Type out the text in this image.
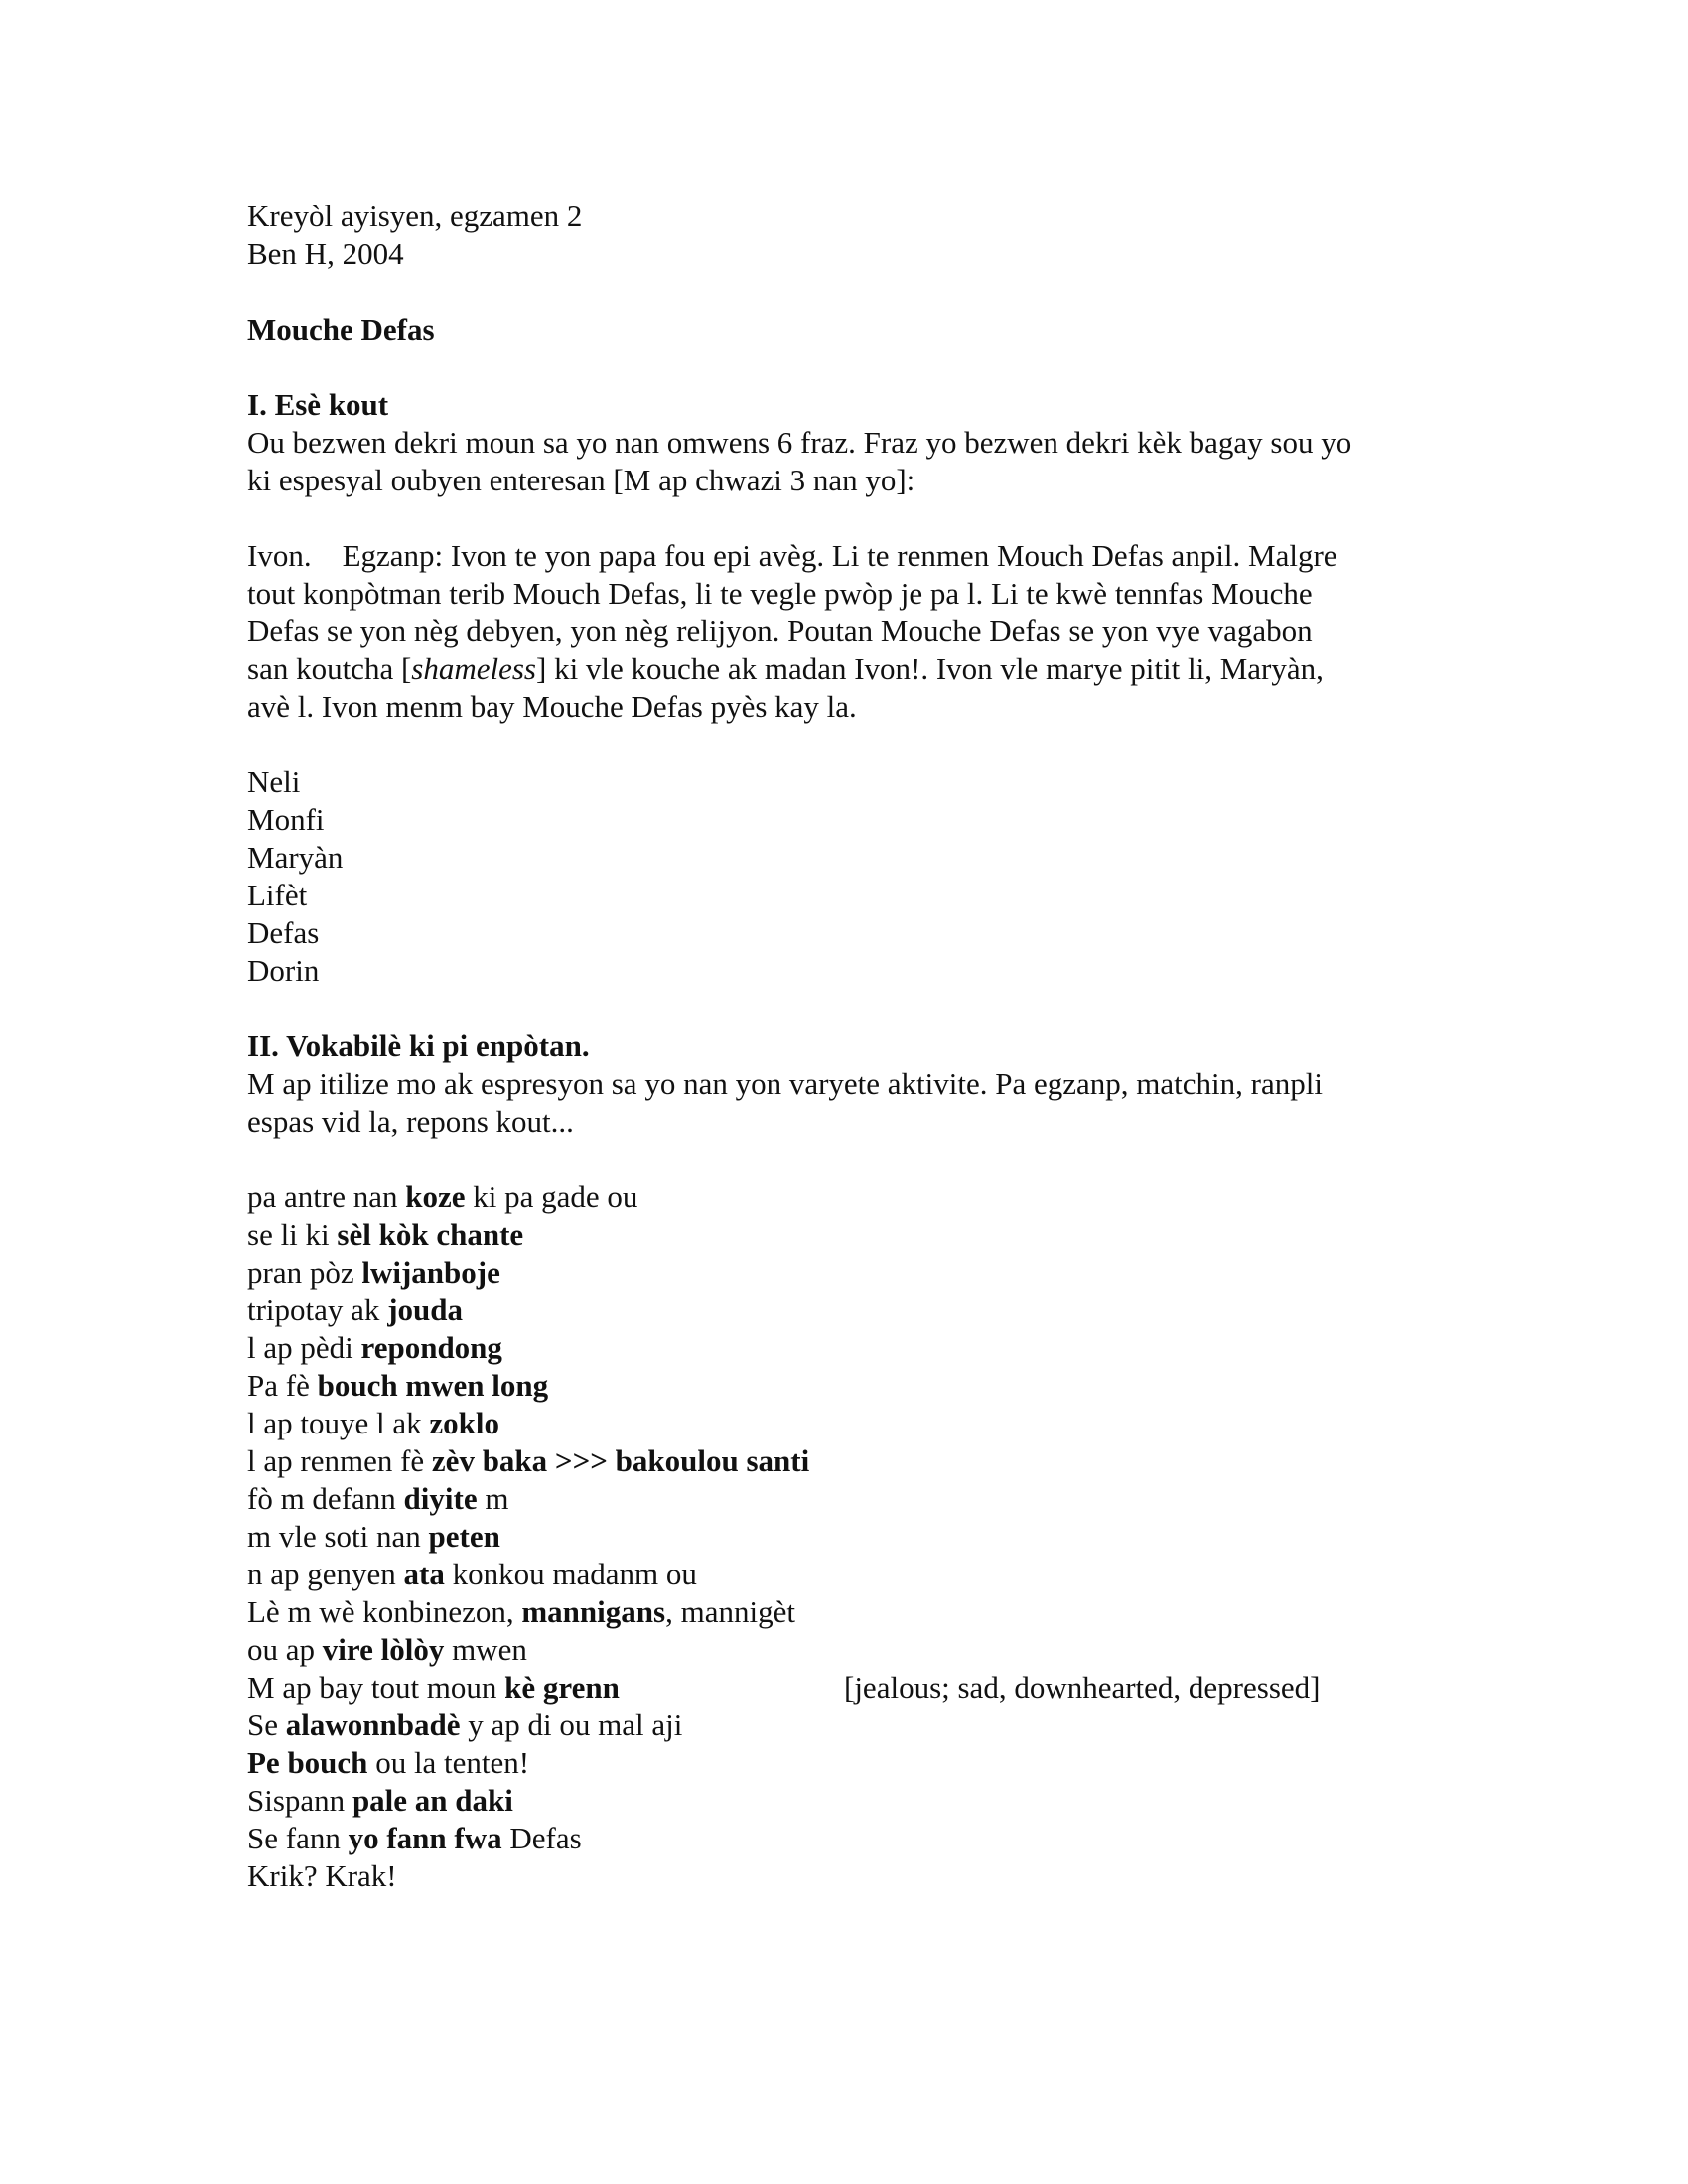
Kreyòl ayisyen, egzamen 2
Ben H, 2004
Mouche Defas
I. Esè kout
Ou bezwen dekri moun sa yo nan omwens 6 fraz. Fraz yo bezwen dekri kèk bagay sou yo
ki espesyal oubyen enteresan [M ap chwazi 3 nan yo]:
Ivon.    Egzanp: Ivon te yon papa fou epi avèg. Li te renmen Mouch Defas anpil. Malgre
tout konpòtman terib Mouch Defas, li te vegle pwòp je pa l. Li te kwè tennfas Mouche
Defas se yon nèg debyen, yon nèg relijyon. Poutan Mouche Defas se yon vye vagabon
san koutcha [shameless] ki vle kouche ak madan Ivon!. Ivon vle marye pitit li, Maryàn,
avè l. Ivon menm bay Mouche Defas pyès kay la.
Neli
Monfi
Maryàn
Lifèt
Defas
Dorin
II. Vokabilè ki pi enpòtan.
M ap itilize mo ak espresyon sa yo nan yon varyete aktivite. Pa egzanp, matchin, ranpli
espas vid la, repons kout...
pa antre nan koze ki pa gade ou
se li ki sèl kòk chante
pran pòz lwijanboje
tripotay ak jouda
l ap pèdi repondong
Pa fè bouch mwen long
l ap touye l ak zoklo
l ap renmen fè zèv baka >>> bakoulou santi
fò m defann diyite m
m vle soti nan peten
n ap genyen ata konkou madanm ou
Lè m wè konbinezon, mannigans, mannigèt
ou ap vire lòlòy mwen
M ap bay tout moun kè grenn	[jealous; sad, downhearted, depressed]
Se alawonnbadè y ap di ou mal aji
Pe bouch ou la tenten!
Sispann pale an daki
Se fann yo fann fwa Defas
Krik? Krak!
